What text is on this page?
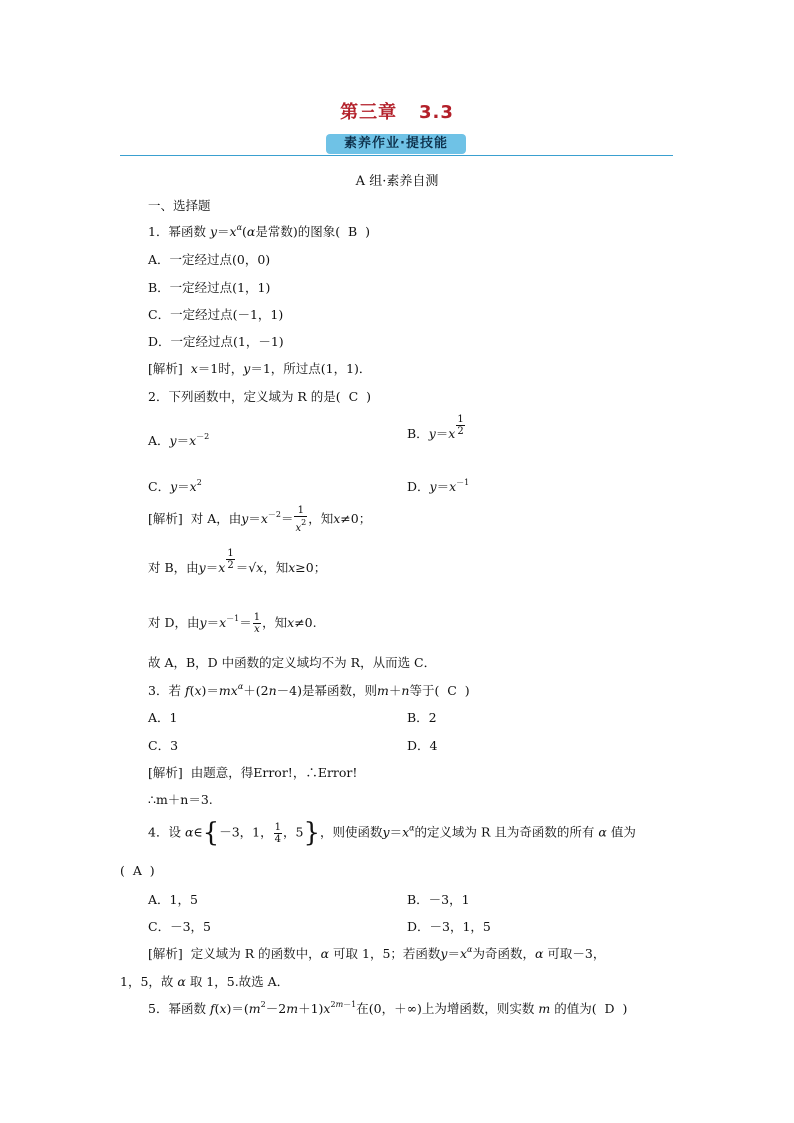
第三章   3.3
素养作业·提技能
A 组·素养自测
一、选择题
1．幂函数 $y=x^\alpha(\alpha$是常数)的图象(  B  )
A．一定经过点(0，0)
B．一定经过点(1，1)
C．一定经过点(－1，1)
D．一定经过点(1，－1)
[解析] x＝1时，y＝1，所过点(1，1)．
2．下列函数中，定义域为 R 的是(  C  )
A．$y=x^{-2}$	B．$y=x \frac{1}{2}$
C．$y=x^2$	D．$y=x^{-1}$
[解析] 对 A，由$y=x^{-2}= \frac{1}{x^2}$ ，知x≠0；
对 B，由$y=x \frac{1}{2} =√x$，知x≥0；
对 D，由$y=x^{-1}= \frac{1}{x}$ ，知x≠0.
故 A，B，D 中函数的定义域均不为 R，从而选 C．
3．若 $f(x)=mx^\alpha+(2n-4)$是幂函数，则m＋n等于(  C  )
A．1	B．2
C．3	D．4
[解析] 由题意，得Error!，∴Error!
∴m＋n＝3.
4．设 α∈{－3，1， $\frac{1}{4}$ ，5}，则使函数$y=x^\alpha$的定义域为 R 且为奇函数的所有 α 值为
(  A  )
A．1，5	B．－3，1
C．－3，5	D．－3，1，5
[解析] 定义域为 R 的函数中，α 可取 1，5；若函数$y=x^\alpha$为奇函数，α 可取－3，
1，5，故 α 取 1，5.故选 A．
5．幂函数 $f(x)=(m^2-2m+1)x^{2m-1}$在(0，＋∞)上为增函数，则实数 m 的值为(  D  )
